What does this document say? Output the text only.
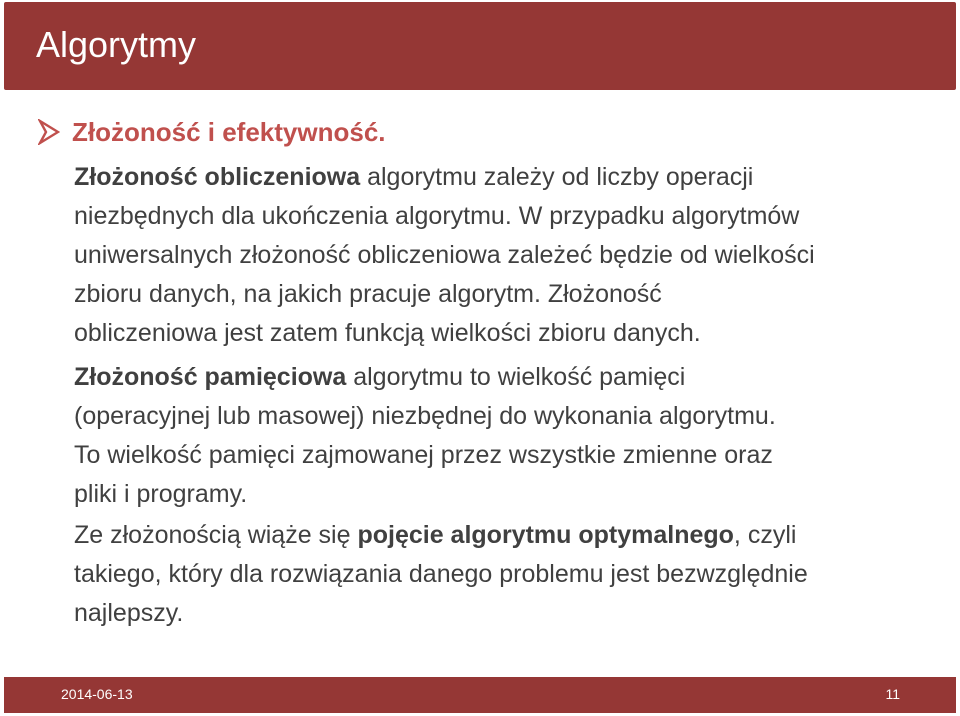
Algorytmy
Złożoność i efektywność.
Złożoność obliczeniowa algorytmu zależy od liczby operacji
niezbędnych dla ukończenia algorytmu. W przypadku algorytmów
uniwersalnych złożoność obliczeniowa zależeć będzie od wielkości
zbioru danych, na jakich pracuje algorytm. Złożoność
obliczeniowa jest zatem funkcją wielkości zbioru danych.
Złożoność pamięciowa algorytmu to wielkość pamięci
(operacyjnej lub masowej) niezbędnej do wykonania algorytmu.
To wielkość pamięci zajmowanej przez wszystkie zmienne oraz
pliki i programy.
Ze złożonością wiąże się pojęcie algorytmu optymalnego, czyli
takiego, który dla rozwiązania danego problemu jest bezwzględnie
najlepszy.
2014-06-13	11
